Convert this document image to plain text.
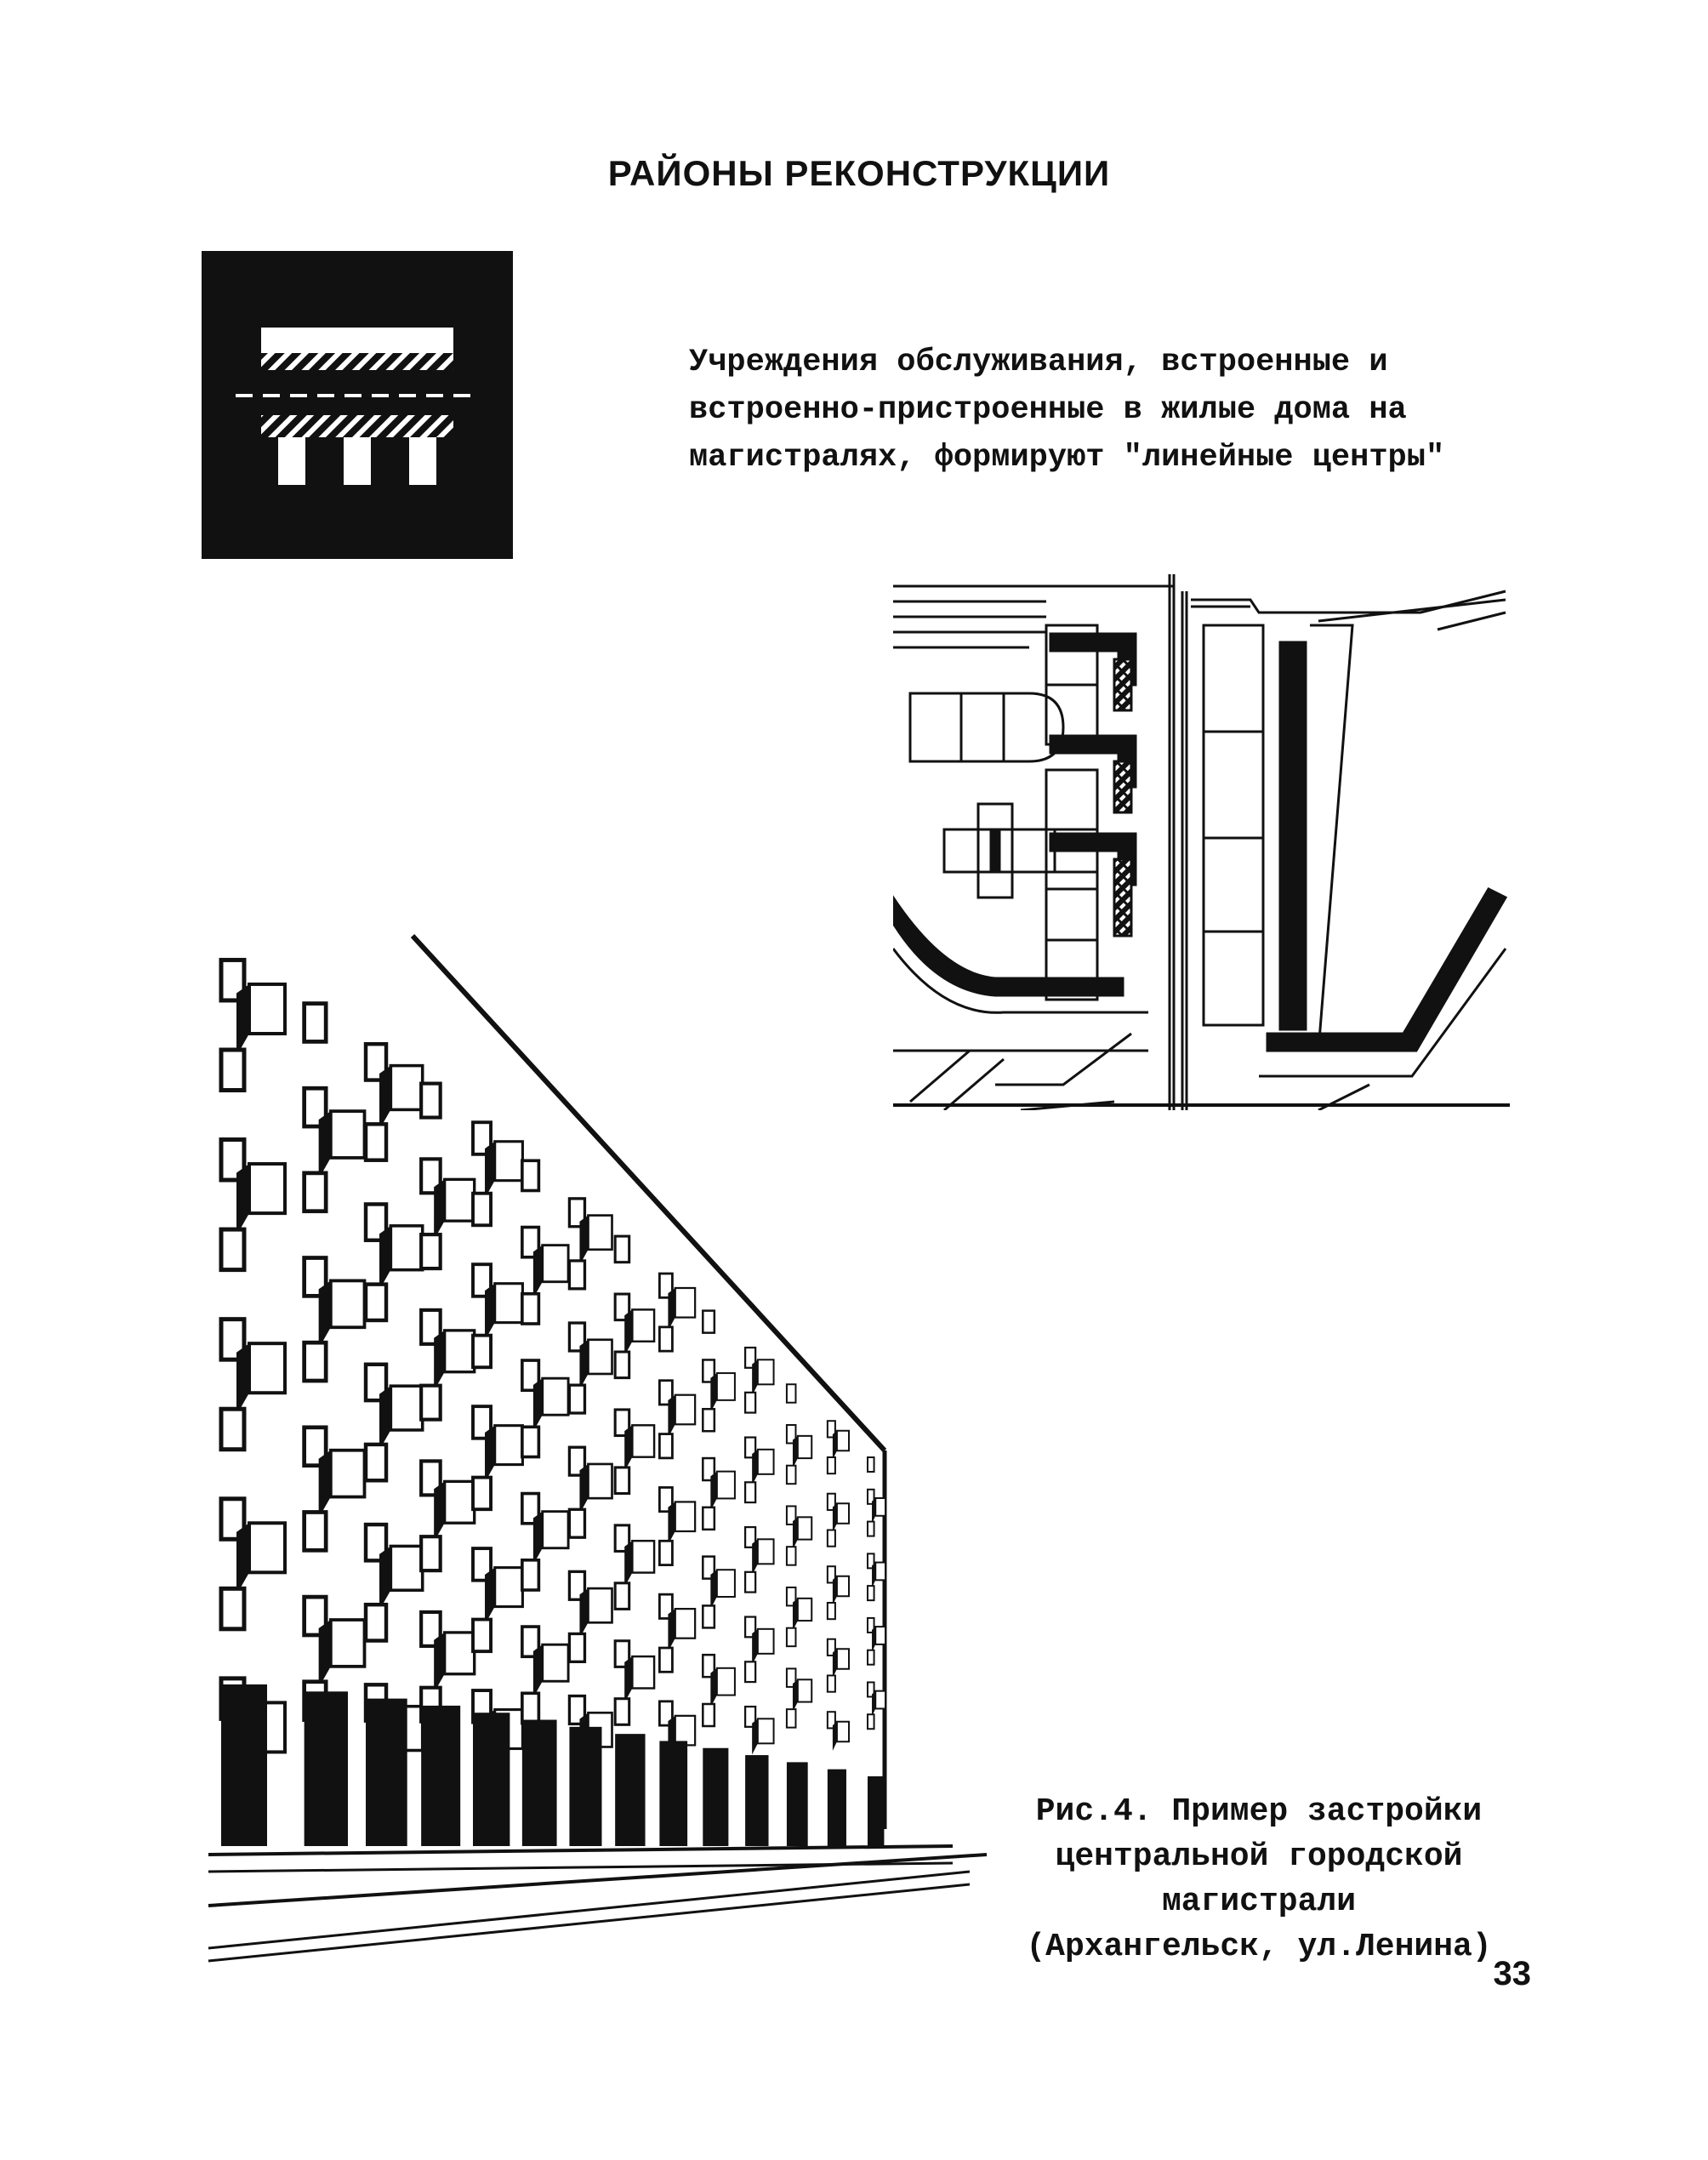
РАЙОНЫ РЕКОНСТРУКЦИИ
Учреждения обслуживания, встроенные и
встроенно-пристроенные в жилые дома на
магистралях, формируют "линейные центры"
Рис.4. Пример застройки
центральной городской
магистрали
(Архангельск, ул.Ленина)
33
